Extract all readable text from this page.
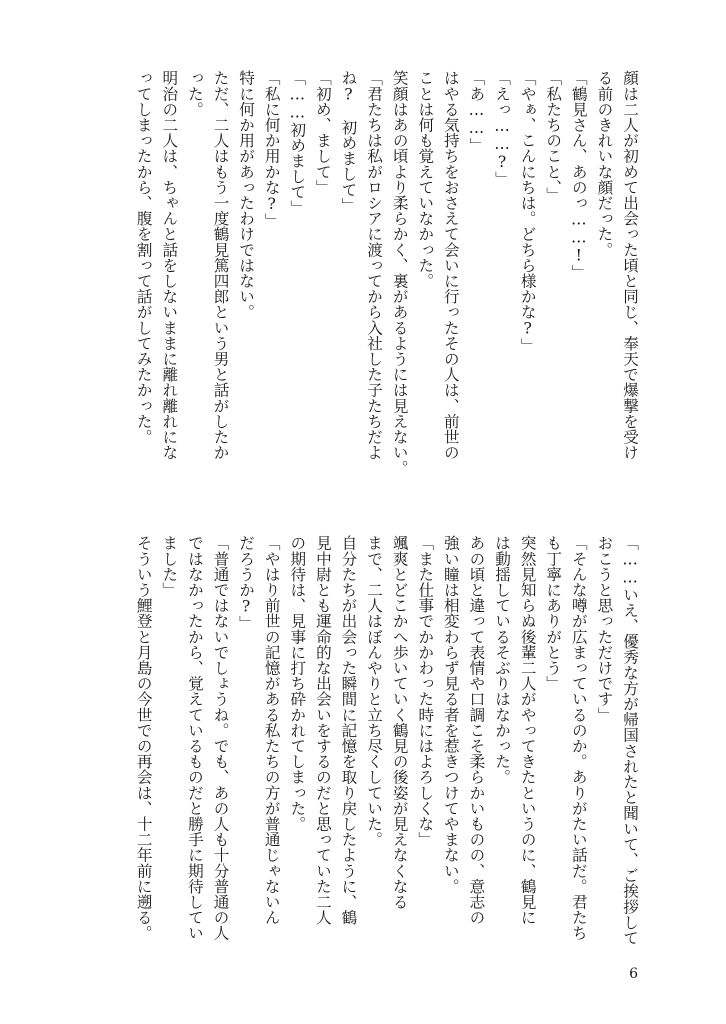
顔は二人が初めて出会った頃と同じ、奉天で爆撃を受け
る前のきれいな顔だった。
「鶴見さん、あのっ……!」
「私たちのこと、」
「やぁ、こんにちは。どちら様かな?」
「えっ……?」
「あ……」
はやる気持ちをおさえて会いに行ったその人は、前世の
ことは何も覚えていなかった。
笑顔はあの頃より柔らかく、裏があるようには見えない。
「君たちは私がロシアに渡ってから入社した子たちだよ
ね?　初めまして」
「初め、まして」
「……初めまして」
「私に何か用かな?」
特に何か用があったわけではない。
ただ、二人はもう一度鶴見篤四郎という男と話がしたか
った。
明治の二人は、ちゃんと話をしないままに離れ離れにな
ってしまったから、腹を割って話がしてみたかった。
「……いえ、優秀な方が帰国されたと聞いて、ご挨拶して
おこうと思っただけです」
「そんな噂が広まっているのか。ありがたい話だ。君たち
も丁寧にありがとう」
突然見知らぬ後輩二人がやってきたというのに、鶴見に
は動揺しているそぶりはなかった。
あの頃と違って表情や口調こそ柔らかいものの、意志の
強い瞳は相変わらず見る者を惹きつけてやまない。
「また仕事でかかわった時にはよろしくな」
颯爽とどこかへ歩いていく鶴見の後姿が見えなくなる
まで、二人はぼんやりと立ち尽くしていた。
自分たちが出会った瞬間に記憶を取り戻したように、鶴
見中尉とも運命的な出会いをするのだと思っていた二人
の期待は、見事に打ち砕かれてしまった。
「やはり前世の記憶がある私たちの方が普通じゃないん
だろうか?」
「普通ではないでしょうね。でも、あの人も十分普通の人
ではなかったから、覚えているものだと勝手に期待してい
ました」
そういう鯉登と月島の今世での再会は、十二年前に遡る。
6
